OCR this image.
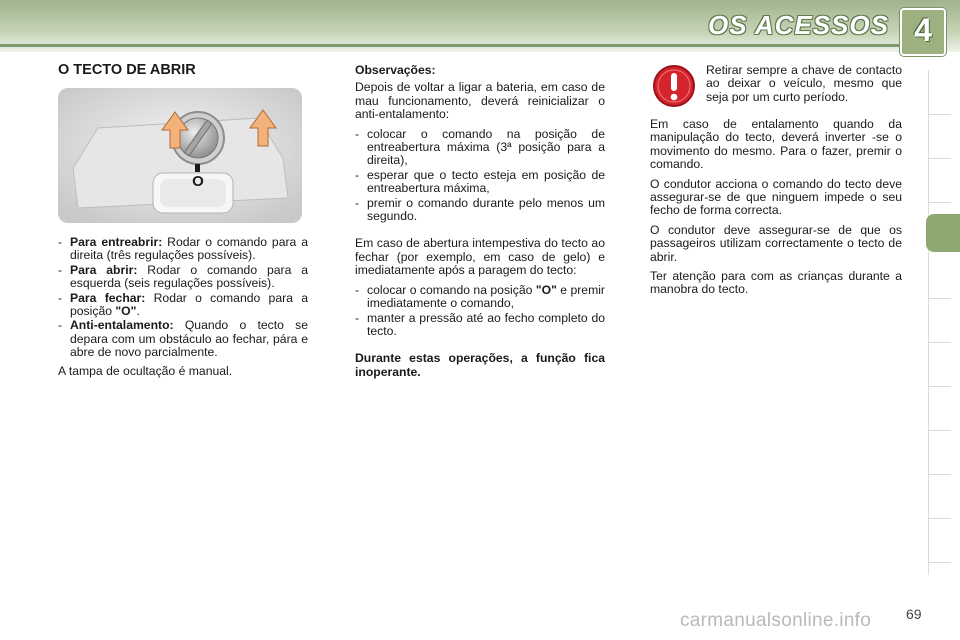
OS ACESSOS 4
O TECTO DE ABRIR
O
- Para entreabrir: Rodar o comando para a direita (três regulações possíveis).
- Para abrir: Rodar o comando para a esquerda (seis regulações possíveis).
- Para fechar: Rodar o comando para a posição "O".
- Anti-entalamento: Quando o tecto se depara com um obstáculo ao fechar, pára e abre de novo parcialmente.

A tampa de ocultação é manual.

Observações:

Depois de voltar a ligar a bateria, em caso de mau funcionamento, deverá reinicializar o anti-entalamento:

- colocar o comando na posição de entreabertura máxima (3ª posição para a direita),
- esperar que o tecto esteja em posição de entreabertura máxima,
- premir o comando durante pelo menos um segundo.

Em caso de abertura intempestiva do tecto ao fechar (por exemplo, em caso de gelo) e imediatamente após a paragem do tecto:

- colocar o comando na posição "O" e premir imediatamente o comando,
- manter a pressão até ao fecho completo do tecto.

Durante estas operações, a função fica inoperante.

Retirar sempre a chave de contacto ao deixar o veículo, mesmo que seja por um curto período.

Em caso de entalamento quando da manipulação do tecto, deverá inverter -se o movimento do mesmo. Para o fazer, premir o comando.

O condutor acciona o comando do tecto deve assegurar-se de que ninguem impede o seu fecho de forma correcta.

O condutor deve assegurar-se de que os passageiros utilizam correctamente o tecto de abrir.

Ter atenção para com as crianças durante a manobra do tecto.

carmanualsonline.info 69
